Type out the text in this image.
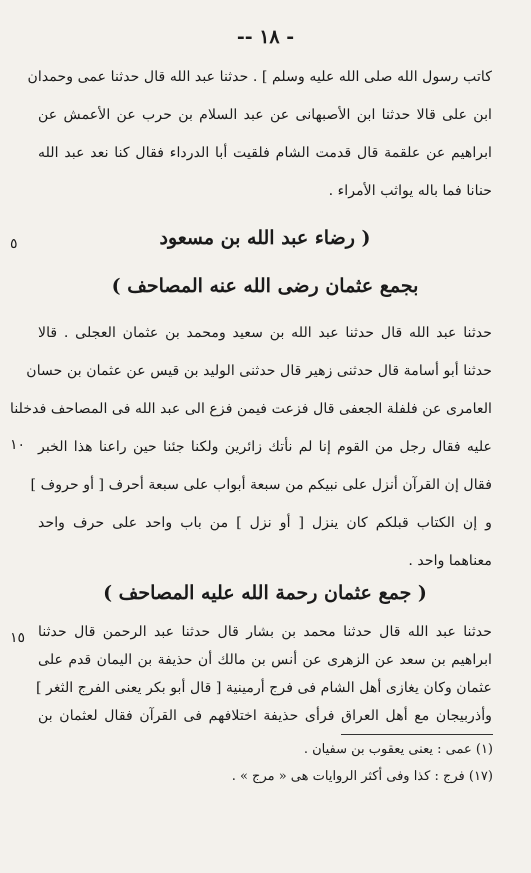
- ١٨ --
كاتب رسول الله صلى الله عليه وسلم ] . حدثنا عبد الله قال حدثنا عمى وحمدان
ابن على قالا حدثنا ابن الأصبهانى عن عبد السلام بن حرب عن الأعمش عن
ابراهيم عن علقمة قال قدمت الشام فلقيت أبا الدرداء فقال كنا نعد عبد الله
حنانا فما باله يواثب الأمراء .
٥	( رضاء عبد الله بن مسعود
بجمع عثمان رضى الله عنه المصاحف )
حدثنا عبد الله قال حدثنا عبد الله بن سعيد ومحمد بن عثمان العجلى . قالا
حدثنا أبو أسامة قال حدثنى زهير قال حدثنى الوليد بن قيس عن عثمان بن حسان
العامرى عن فلفلة الجعفى قال فزعت فيمن فزع الى عبد الله فى المصاحف فدخلنا
١٠ عليه فقال رجل من القوم إنا لم نأتك زائرين ولكنا جئنا حين راعنا هذا الخبر
فقال إن القرآن أنزل على نبيكم من سبعة أبواب على سبعة أحرف [ أو حروف ]
و إن الكتاب قبلكم كان ينزل [ أو نزل ] من باب واحد على حرف واحد
معناهما واحد .
( جمع عثمان رحمة الله عليه المصاحف )
١٥ حدثنا عبد الله قال حدثنا محمد بن بشار قال حدثنا عبد الرحمن قال حدثنا
ابراهيم بن سعد عن الزهرى عن أنس بن مالك أن حذيفة بن اليمان قدم على
عثمان وكان يغازى أهل الشام فى فرج أرمينية [ قال أبو بكر يعنى الفرج الثغر ]
(١) عمى : يعنى يعقوب بن سفيان .
(١٧) فرج : كذا وفى أكثر الروايات هى « مرج » .
وأذربيجان مع أهل العراق فرأى حذيفة اختلافهم فى القرآن فقال لعثمان بن
